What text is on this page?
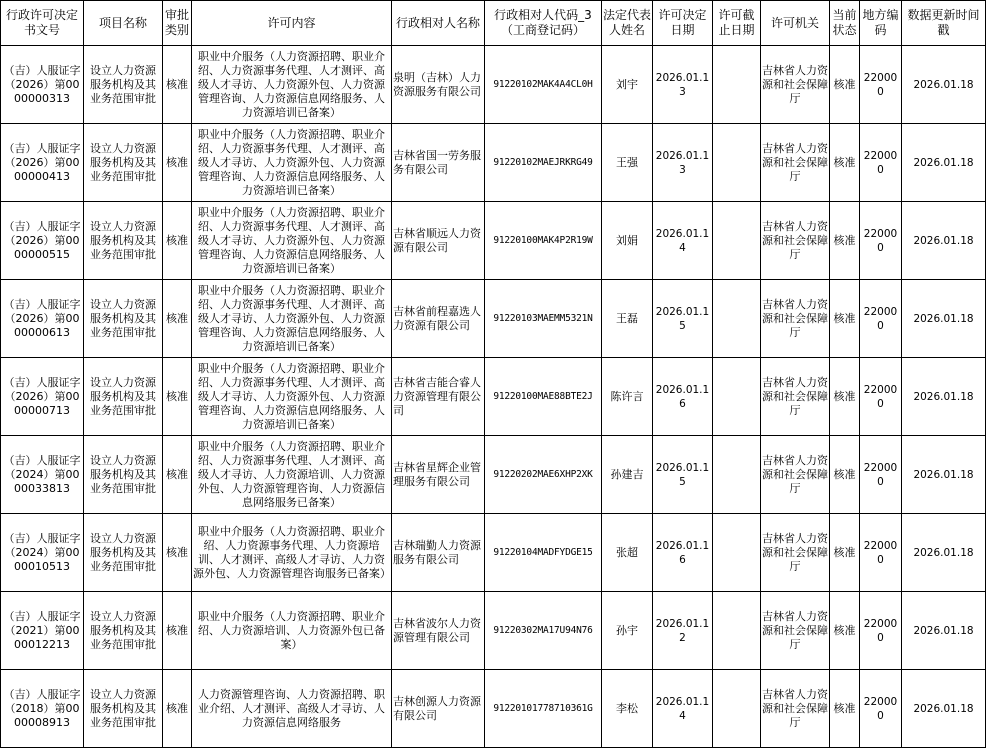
行政许可决定书文号	项目名称	审批类别	许可内容	行政相对人名称	行政相对人代码_3（工商登记码）	法定代表人姓名	许可决定日期	许可截止日期	许可机关	当前状态	地方编码	数据更新时间戳
（吉）人服证字（2026）第0000000313	设立人力资源服务机构及其业务范围审批	核准	职业中介服务（人力资源招聘、职业介绍、人力资源事务代理、人才测评、高级人才寻访、人力资源外包、人力资源管理咨询、人力资源信息网络服务、人力资源培训已备案）	泉明（吉林）人力资源服务有限公司	91220102MAK4A4CL0H	刘宇	2026.01.13		吉林省人力资源和社会保障厅	核准	220000	2026.01.18
（吉）人服证字（2026）第0000000413	设立人力资源服务机构及其业务范围审批	核准	职业中介服务（人力资源招聘、职业介绍、人力资源事务代理、人才测评、高级人才寻访、人力资源外包、人力资源管理咨询、人力资源信息网络服务、人力资源培训已备案）	吉林省国一劳务服务有限公司	91220102MAEJRKRG49	王强	2026.01.13		吉林省人力资源和社会保障厅	核准	220000	2026.01.18
（吉）人服证字（2026）第0000000515	设立人力资源服务机构及其业务范围审批	核准	职业中介服务（人力资源招聘、职业介绍、人力资源事务代理、人才测评、高级人才寻访、人力资源外包、人力资源管理咨询、人力资源信息网络服务、人力资源培训已备案）	吉林省顺远人力资源有限公司	91220100MAK4P2R19W	刘娟	2026.01.14		吉林省人力资源和社会保障厅	核准	220000	2026.01.18
（吉）人服证字（2026）第0000000613	设立人力资源服务机构及其业务范围审批	核准	职业中介服务（人力资源招聘、职业介绍、人力资源事务代理、人才测评、高级人才寻访、人力资源外包、人力资源管理咨询、人力资源信息网络服务、人力资源培训已备案）	吉林省前程嘉选人力资源有限公司	91220103MAEMM5321N	王磊	2026.01.15		吉林省人力资源和社会保障厅	核准	220000	2026.01.18
（吉）人服证字（2026）第0000000713	设立人力资源服务机构及其业务范围审批	核准	职业中介服务（人力资源招聘、职业介绍、人力资源事务代理、人才测评、高级人才寻访、人力资源外包、人力资源管理咨询、人力资源信息网络服务、人力资源培训已备案）	吉林省吉能合睿人力资源管理有限公司	91220100MAE88BTE2J	陈许言	2026.01.16		吉林省人力资源和社会保障厅	核准	220000	2026.01.18
（吉）人服证字（2024）第0000033813	设立人力资源服务机构及其业务范围审批	核准	职业中介服务（人力资源招聘、职业介绍、人力资源事务代理、人才测评、高级人才寻访、人力资源培训、人力资源外包、人力资源管理咨询、人力资源信息网络服务已备案）	吉林省星辉企业管理服务有限公司	91220202MAE6XHP2XK	孙建吉	2026.01.15		吉林省人力资源和社会保障厅	核准	220000	2026.01.18
（吉）人服证字（2024）第0000010513	设立人力资源服务机构及其业务范围审批	核准	职业中介服务（人力资源招聘、职业介绍、人力资源事务代理、人力资源培训、人才测评、高级人才寻访、人力资源外包、人力资源管理咨询服务已备案）	吉林瑞勤人力资源服务有限公司	91220104MADFYDGE15	张超	2026.01.16		吉林省人力资源和社会保障厅	核准	220000	2026.01.18
（吉）人服证字（2021）第0000012213	设立人力资源服务机构及其业务范围审批	核准	职业中介服务（人力资源招聘、职业介绍、人力资源培训、人力资源外包已备案）	吉林省波尔人力资源管理有限公司	91220302MA17U94N76	孙宇	2026.01.12		吉林省人力资源和社会保障厅	核准	220000	2026.01.18
（吉）人服证字（2018）第0000008913	设立人力资源服务机构及其业务范围审批	核准	人力资源管理咨询、人力资源招聘、职业介绍、人才测评、高级人才寻访、人力资源信息网络服务	吉林创源人力资源有限公司	91220101778710361G	李松	2026.01.14		吉林省人力资源和社会保障厅	核准	220000	2026.01.18
